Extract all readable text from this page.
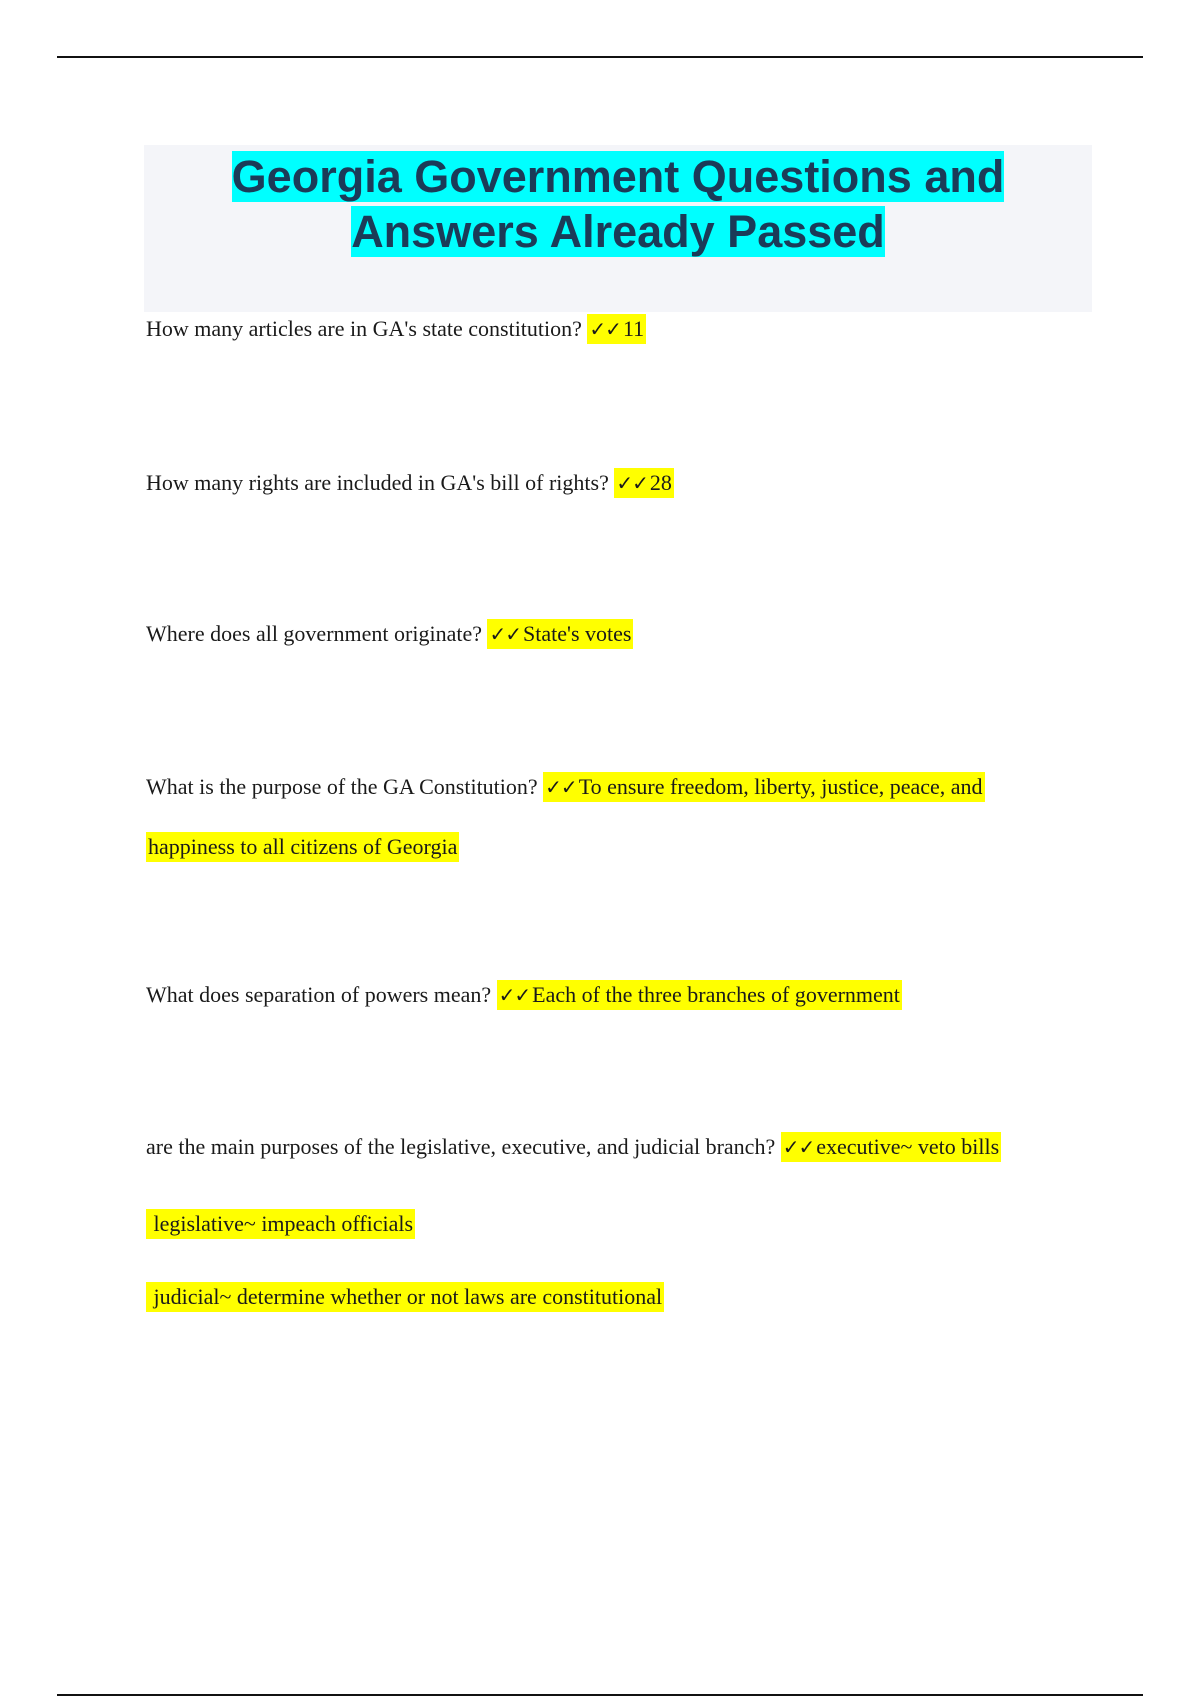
Georgia Government Questions and
Answers Already Passed

How many articles are in GA's state constitution? ✓✓11

How many rights are included in GA's bill of rights? ✓✓28

Where does all government originate? ✓✓State's votes

What is the purpose of the GA Constitution? ✓✓To ensure freedom, liberty, justice, peace, and

happiness to all citizens of Georgia

What does separation of powers mean? ✓✓Each of the three branches of government

are the main purposes of the legislative, executive, and judicial branch? ✓✓executive~ veto bills

legislative~ impeach officials

judicial~ determine whether or not laws are constitutional
